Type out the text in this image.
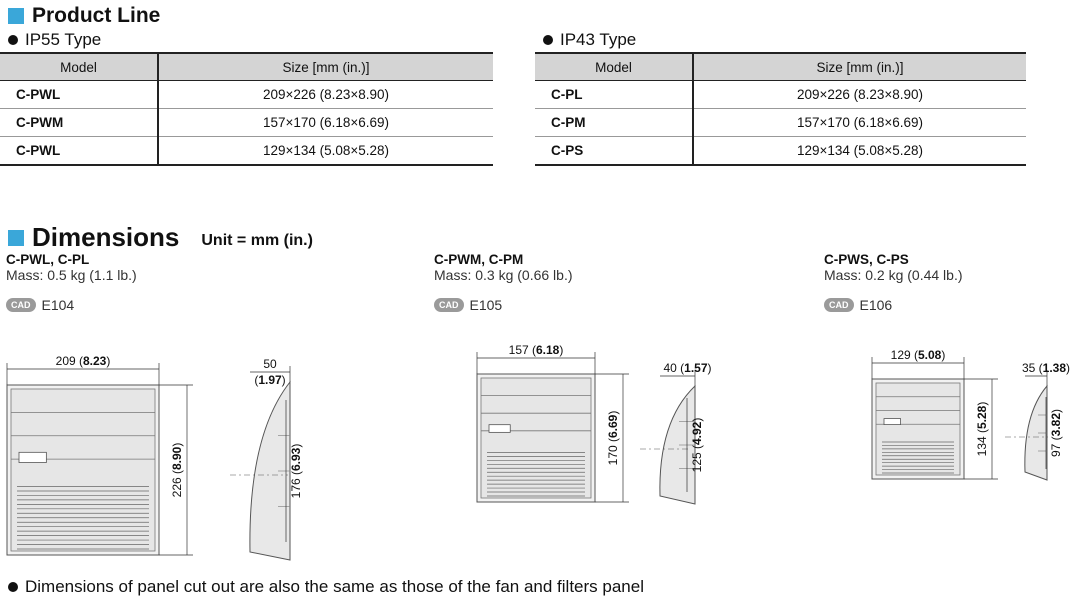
Product Line
IP55 Type
Model	Size [mm (in.)]
C-PWL	209×226 (8.23×8.90)
C-PWM	157×170 (6.18×6.69)
C-PWL	129×134 (5.08×5.28)
IP43 Type
Model	Size [mm (in.)]
C-PL	209×226 (8.23×8.90)
C-PM	157×170 (6.18×6.69)
C-PS	129×134 (5.08×5.28)
Dimensions Unit = mm (in.)
C-PWL, C-PL
Mass: 0.5 kg (1.1 lb.)
CAD E104
C-PWM, C-PM
Mass: 0.3 kg (0.66 lb.)
CAD E105
C-PWS, C-PS
Mass: 0.2 kg (0.44 lb.)
CAD E106
209 (8.23)
226 (8.90)
50
(1.97)
176 (6.93)
157 (6.18)
170 (6.69)
40 (1.57)
125 (4.92)
129 (5.08)
134 (5.28)
35 (1.38)
97 (3.82)
Dimensions of panel cut out are also the same as those of the fan and filters panel
